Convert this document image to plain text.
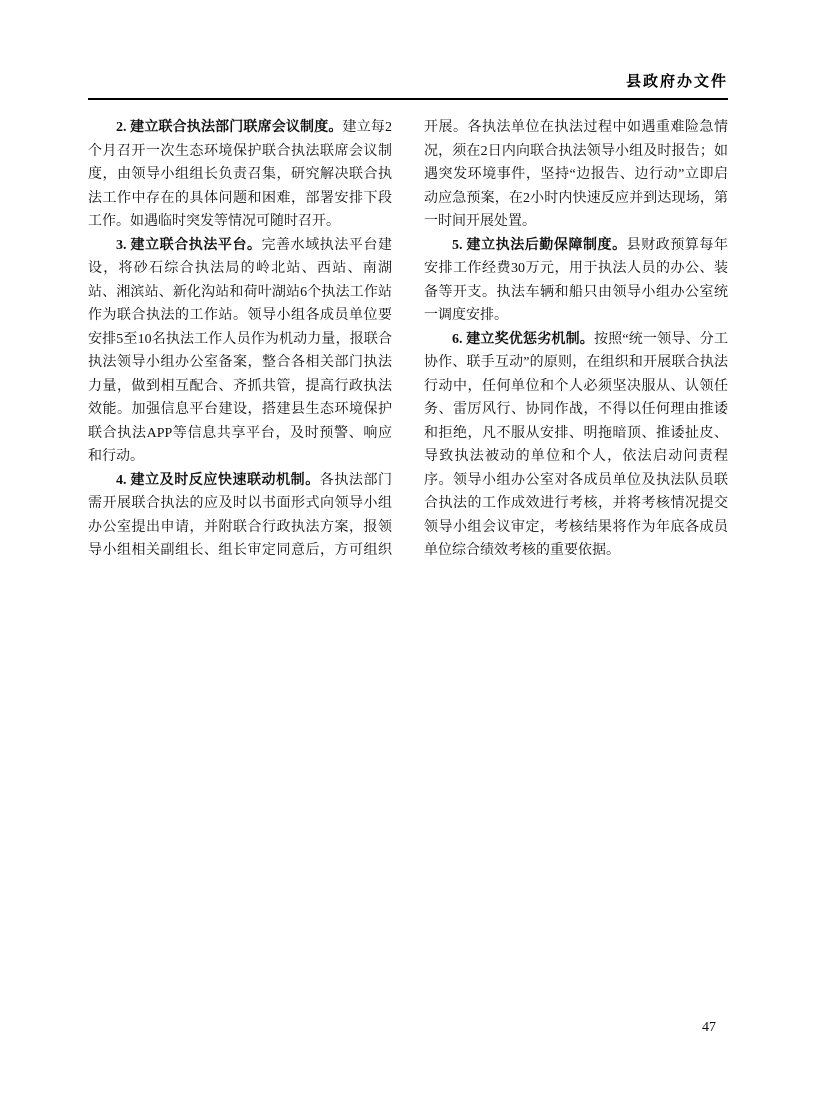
县政府办文件

2. 建立联合执法部门联席会议制度。建立每2个月召开一次生态环境保护联合执法联席会议制度，由领导小组组长负责召集，研究解决联合执法工作中存在的具体问题和困难，部署安排下段工作。如遇临时突发等情况可随时召开。

3. 建立联合执法平台。完善水域执法平台建设，将砂石综合执法局的岭北站、西站、南湖站、湘滨站、新化沟站和荷叶湖站6个执法工作站作为联合执法的工作站。领导小组各成员单位要安排5至10名执法工作人员作为机动力量，报联合执法领导小组办公室备案，整合各相关部门执法力量，做到相互配合、齐抓共管，提高行政执法效能。加强信息平台建设，搭建县生态环境保护联合执法APP等信息共享平台，及时预警、响应和行动。

4. 建立及时反应快速联动机制。各执法部门需开展联合执法的应及时以书面形式向领导小组办公室提出申请，并附联合行政执法方案，报领导小组相关副组长、组长审定同意后，方可组织开展。各执法单位在执法过程中如遇重难险急情况，须在2日内向联合执法领导小组及时报告；如遇突发环境事件，坚持“边报告、边行动”立即启动应急预案，在2小时内快速反应并到达现场，第一时间开展处置。

5. 建立执法后勤保障制度。县财政预算每年安排工作经费30万元，用于执法人员的办公、装备等开支。执法车辆和船只由领导小组办公室统一调度安排。

6. 建立奖优惩劣机制。按照“统一领导、分工协作、联手互动”的原则，在组织和开展联合执法行动中，任何单位和个人必须坚决服从、认领任务、雷厉风行、协同作战，不得以任何理由推诿和拒绝，凡不服从安排、明拖暗顶、推诿扯皮、导致执法被动的单位和个人，依法启动问责程序。领导小组办公室对各成员单位及执法队员联合执法的工作成效进行考核，并将考核情况提交领导小组会议审定，考核结果将作为年底各成员单位综合绩效考核的重要依据。

47
